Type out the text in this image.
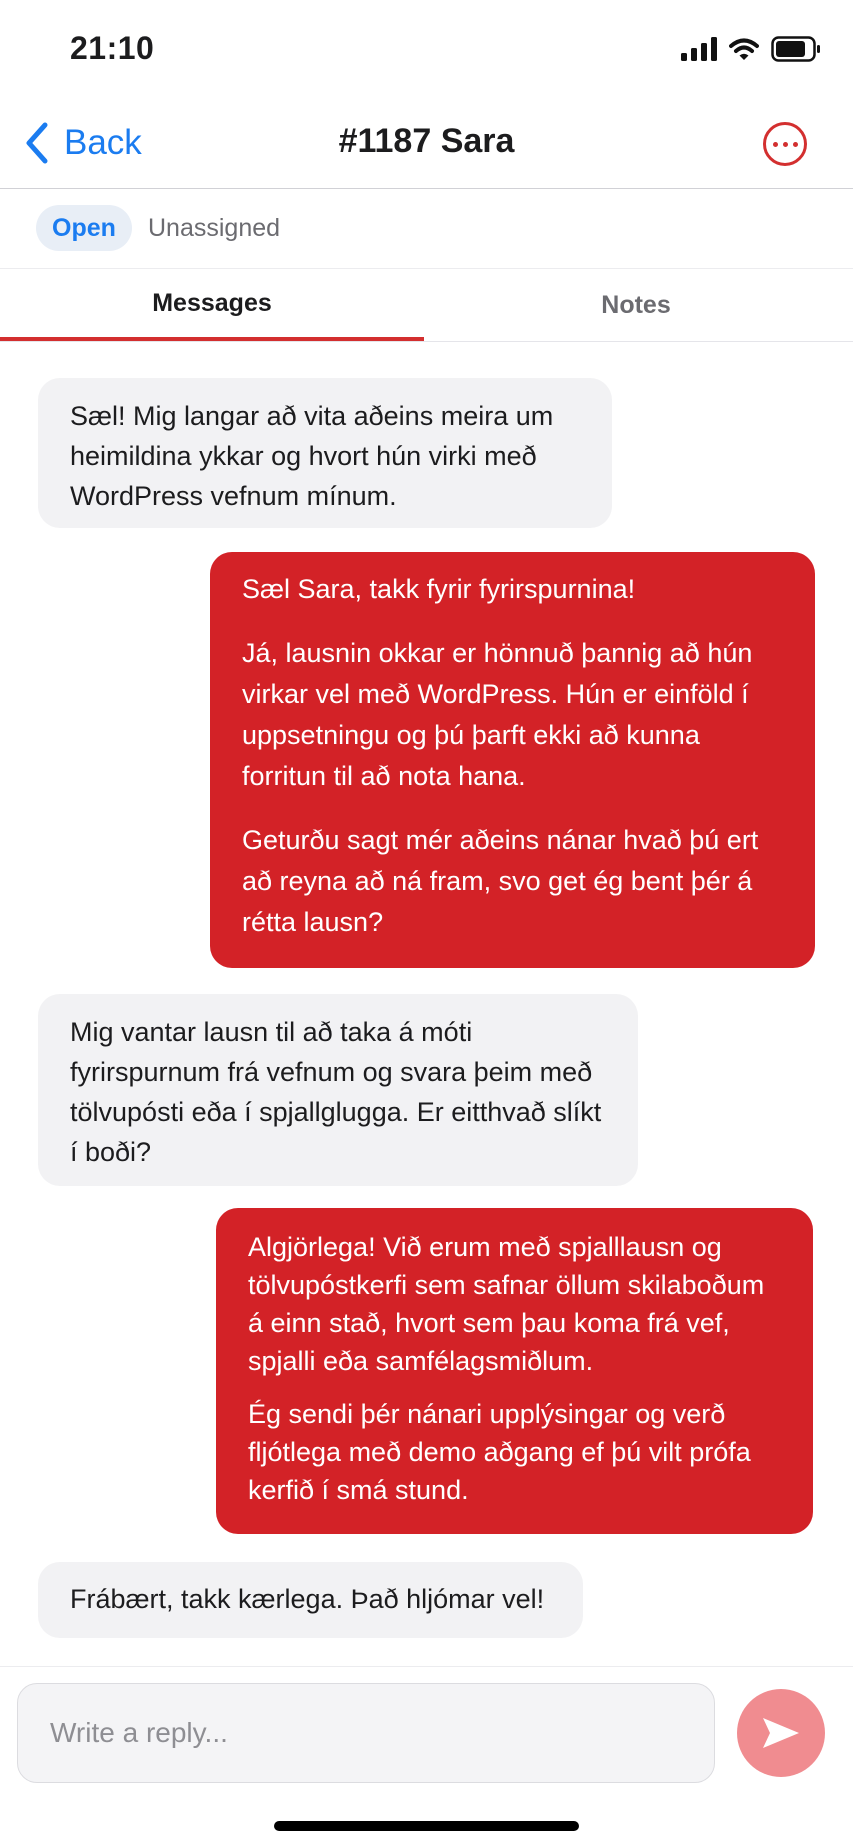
21:10
Back	#1187 Sara
Open	Unassigned
Messages	Notes

Sæl! Mig langar að vita aðeins meira um heimildina ykkar og hvort hún virki með WordPress vefnum mínum.

Sæl Sara, takk fyrir fyrirspurnina!

Já, lausnin okkar er hönnuð þannig að hún virkar vel með WordPress. Hún er einföld í uppsetningu og þú þarft ekki að kunna forritun til að nota hana.

Geturðu sagt mér aðeins nánar hvað þú ert að reyna að ná fram, svo get ég bent þér á rétta lausn?

Mig vantar lausn til að taka á móti fyrirspurnum frá vefnum og svara þeim með tölvupósti eða í spjallglugga. Er eitthvað slíkt í boði?

Algjörlega! Við erum með spjalllausn og tölvupóstkerfi sem safnar öllum skilaboðum á einn stað, hvort sem þau koma frá vef, spjalli eða samfélagsmiðlum.

Ég sendi þér nánari upplýsingar og verð fljótlega með demo aðgang ef þú vilt prófa kerfið í smá stund.

Frábært, takk kærlega. Það hljómar vel!

Write a reply...
